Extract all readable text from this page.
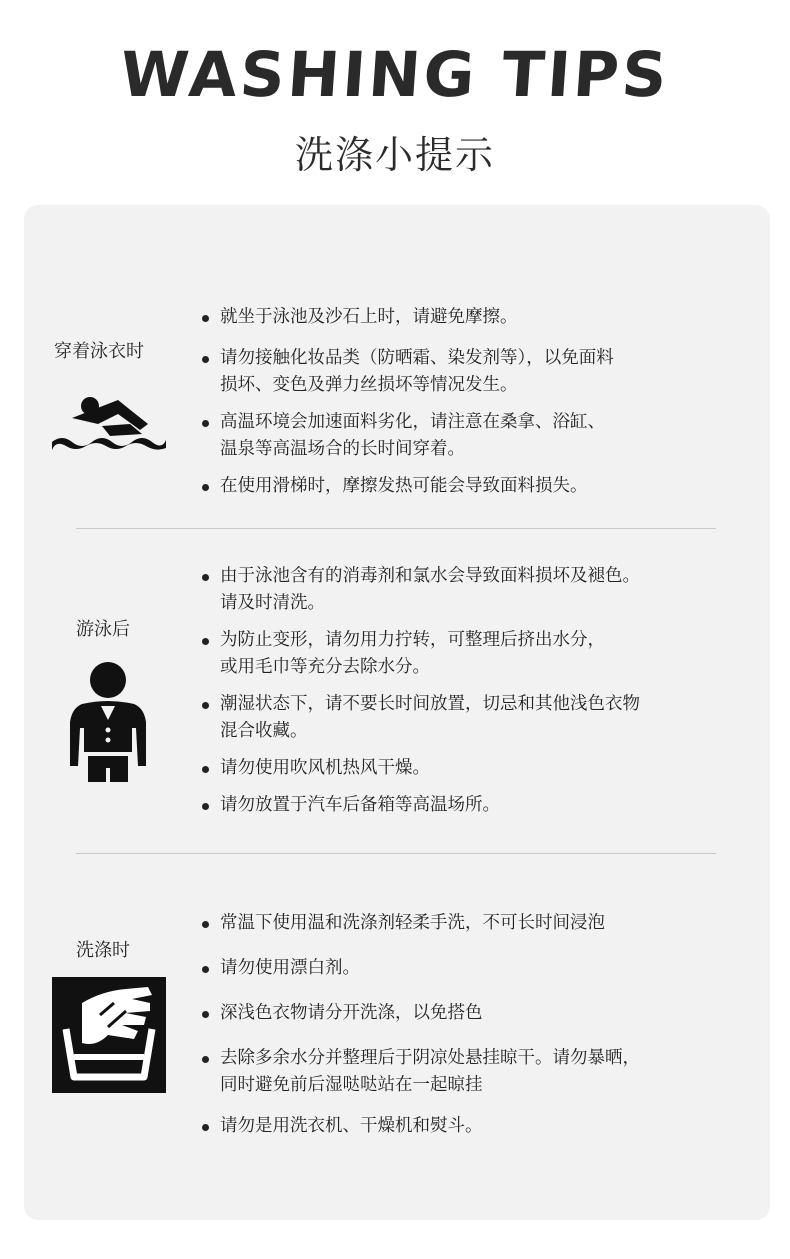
WASHING TIPS
洗涤小提示
穿着泳衣时
就坐于泳池及沙石上时，请避免摩擦。
请勿接触化妆品类（防晒霜、染发剂等），以免面料
损坏、变色及弹力丝损坏等情况发生。
高温环境会加速面料劣化，请注意在桑拿、浴缸、
温泉等高温场合的长时间穿着。
在使用滑梯时，摩擦发热可能会导致面料损失。
游泳后
由于泳池含有的消毒剂和氯水会导致面料损坏及褪色。
请及时清洗。
为防止变形，请勿用力拧转，可整理后挤出水分，
或用毛巾等充分去除水分。
潮湿状态下，请不要长时间放置，切忌和其他浅色衣物
混合收藏。
请勿使用吹风机热风干燥。
请勿放置于汽车后备箱等高温场所。
洗涤时
常温下使用温和洗涤剂轻柔手洗，不可长时间浸泡
请勿使用漂白剂。
深浅色衣物请分开洗涤，以免搭色
去除多余水分并整理后于阴凉处悬挂晾干。请勿暴晒，
同时避免前后湿哒哒站在一起晾挂
请勿是用洗衣机、干燥机和熨斗。
